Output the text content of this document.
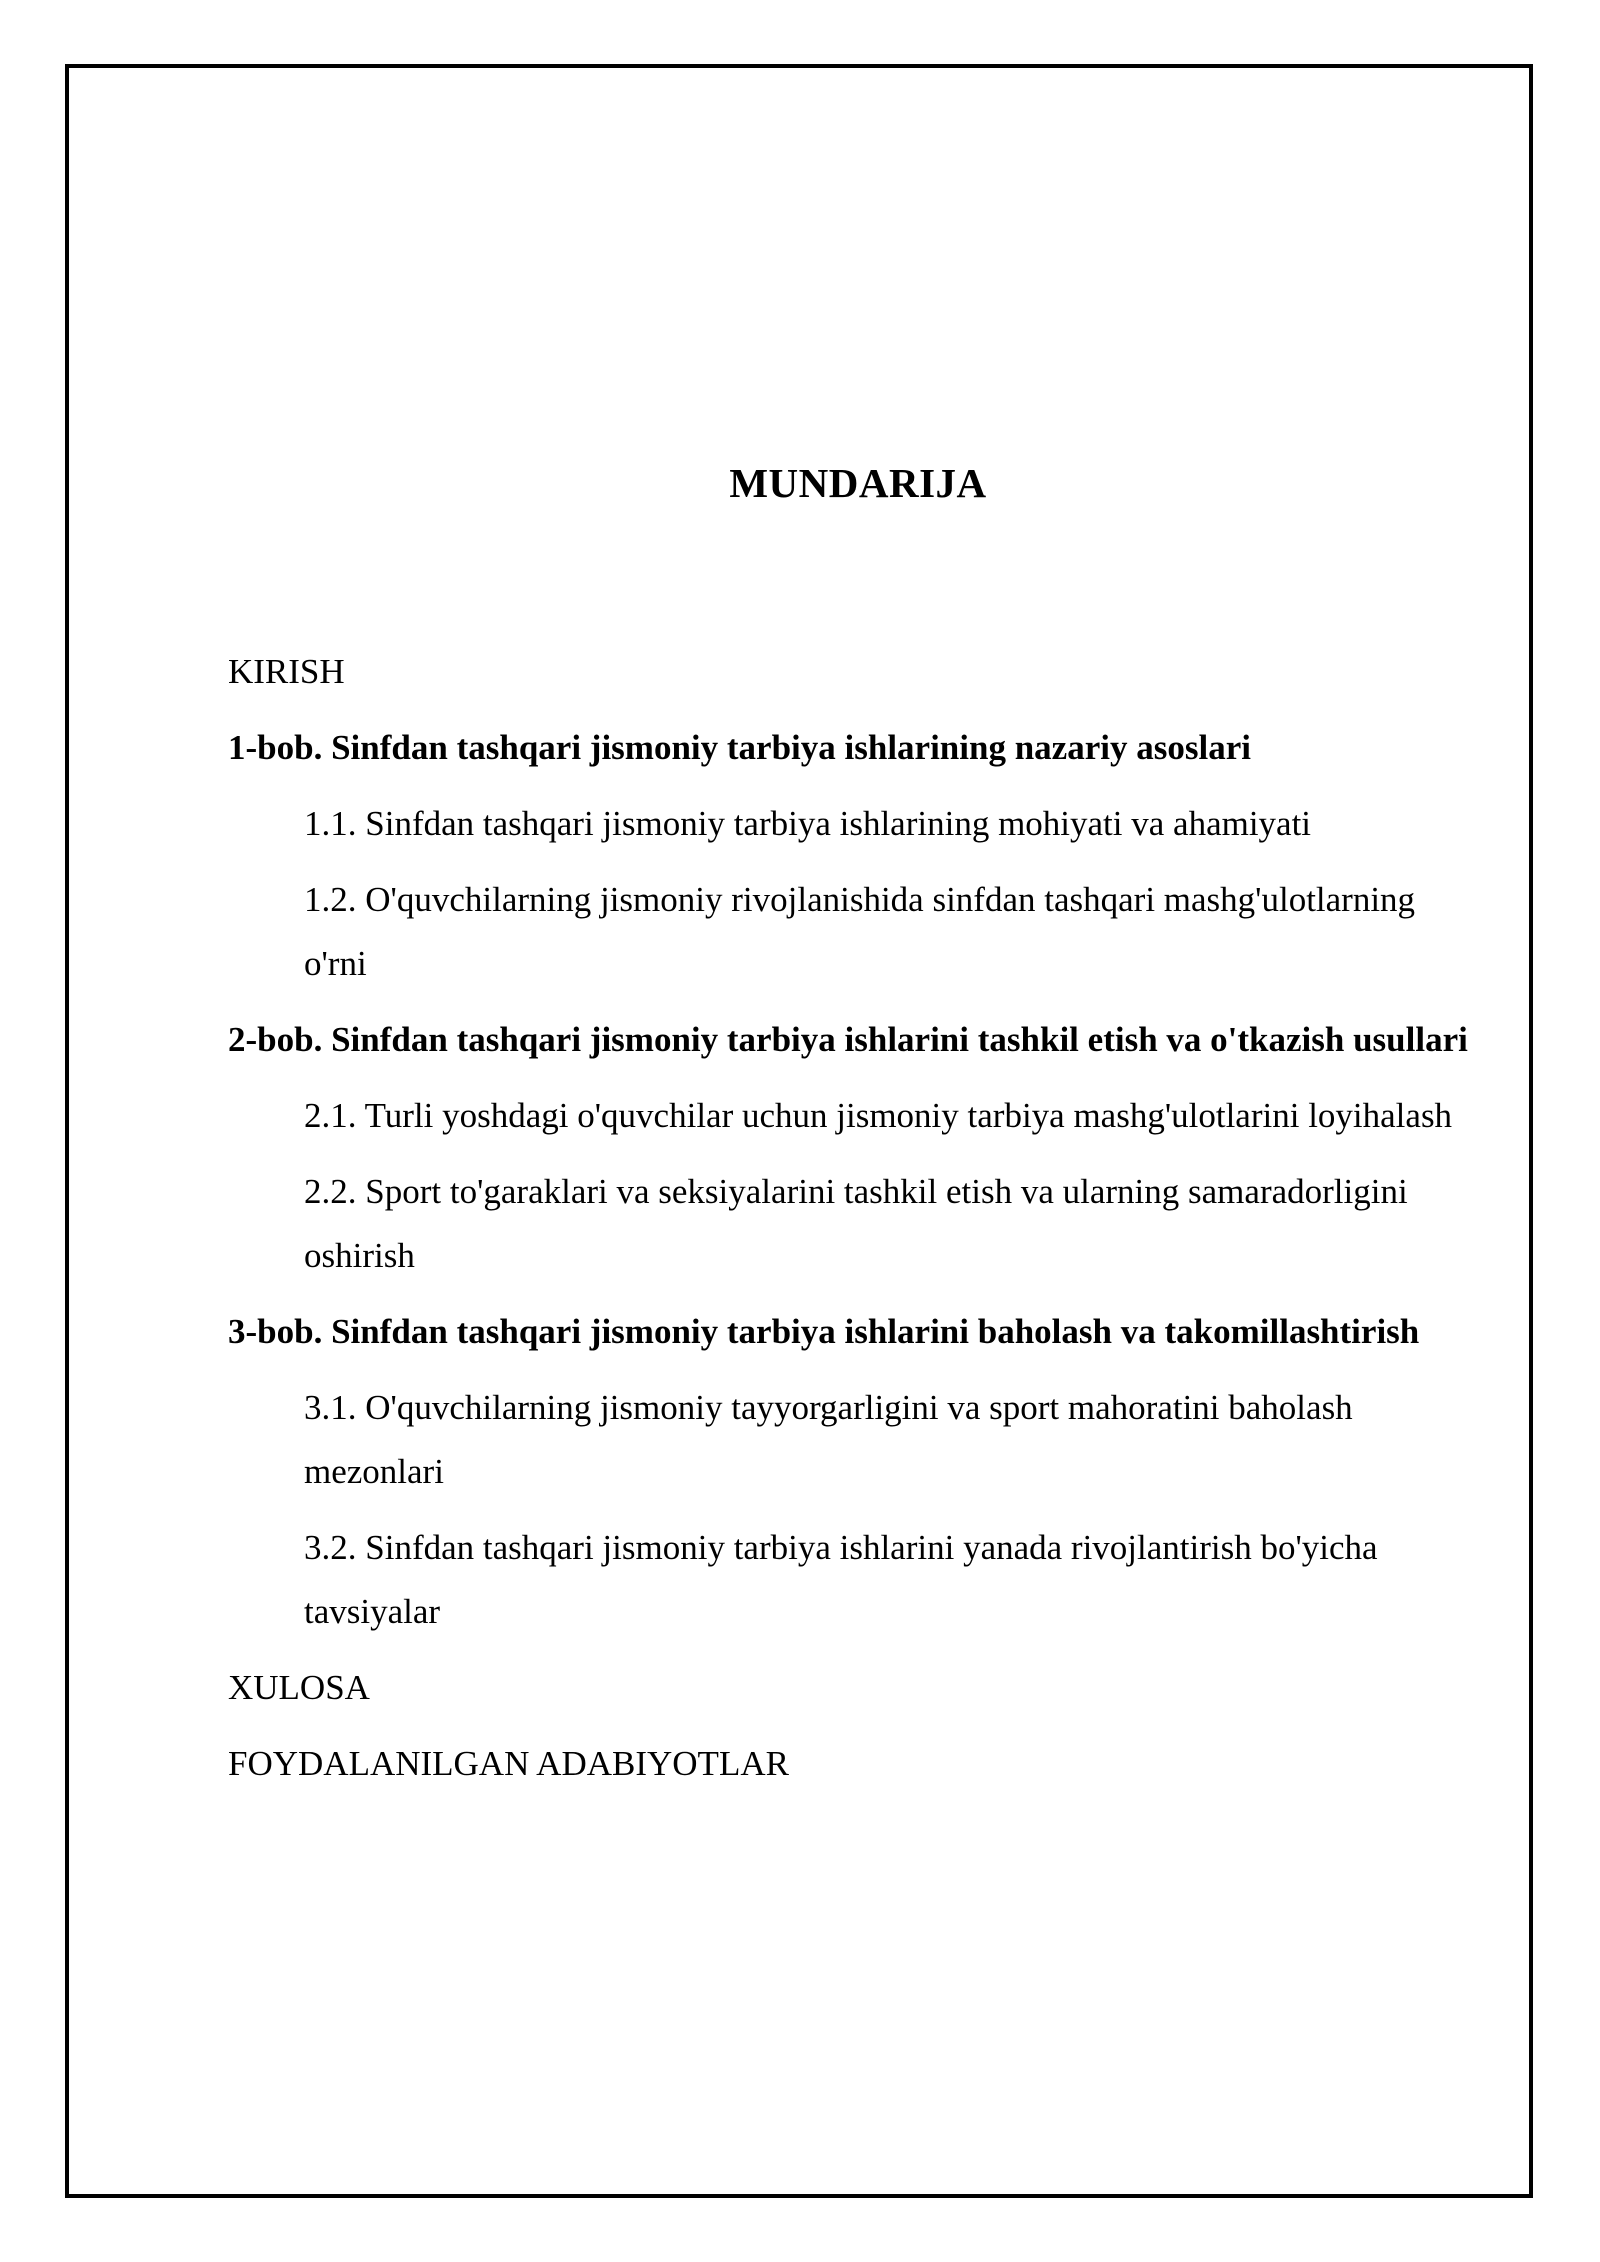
MUNDARIJA
KIRISH
1-bob. Sinfdan tashqari jismoniy tarbiya ishlarining nazariy asoslari
1.1. Sinfdan tashqari jismoniy tarbiya ishlarining mohiyati va ahamiyati
1.2. O'quvchilarning jismoniy rivojlanishida sinfdan tashqari mashg'ulotlarning o'rni
2-bob. Sinfdan tashqari jismoniy tarbiya ishlarini tashkil etish va o'tkazish usullari
2.1. Turli yoshdagi o'quvchilar uchun jismoniy tarbiya mashg'ulotlarini loyihalash
2.2. Sport to'garaklari va seksiyalarini tashkil etish va ularning samaradorligini oshirish
3-bob. Sinfdan tashqari jismoniy tarbiya ishlarini baholash va takomillashtirish
3.1. O'quvchilarning jismoniy tayyorgarligini va sport mahoratini baholash mezonlari
3.2. Sinfdan tashqari jismoniy tarbiya ishlarini yanada rivojlantirish bo'yicha tavsiyalar
XULOSA
FOYDALANILGAN ADABIYOTLAR
